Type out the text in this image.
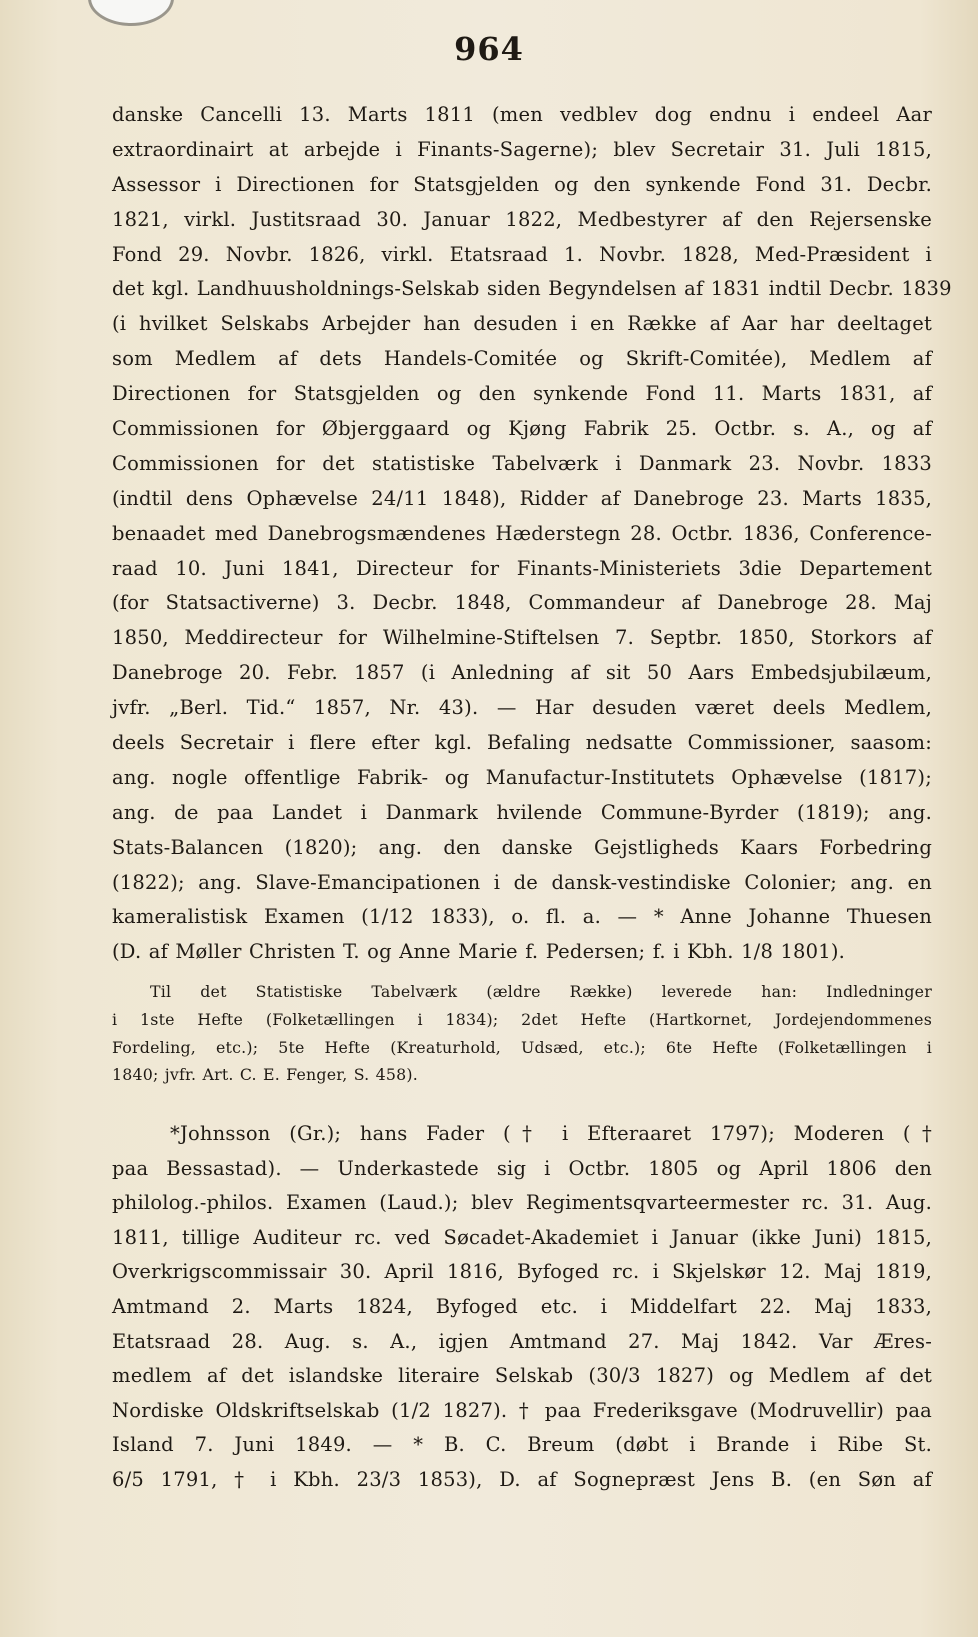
964
danske Cancelli 13. Marts 1811 (men vedblev dog endnu i endeel Aar
extraordinairt at arbejde i Finants-Sagerne); blev Secretair 31. Juli 1815,
Assessor i Directionen for Statsgjelden og den synkende Fond 31. Decbr.
1821, virkl. Justitsraad 30. Januar 1822, Medbestyrer af den Rejersenske
Fond 29. Novbr. 1826, virkl. Etatsraad 1. Novbr. 1828, Med-Præsident i
det kgl. Landhuusholdnings-Selskab siden Begyndelsen af 1831 indtil Decbr. 1839
(i hvilket Selskabs Arbejder han desuden i en Række af Aar har deeltaget
som Medlem af dets Handels-Comitée og Skrift-Comitée), Medlem af
Directionen for Statsgjelden og den synkende Fond 11. Marts 1831, af
Commissionen for Øbjerggaard og Kjøng Fabrik 25. Octbr. s. A., og af
Commissionen for det statistiske Tabelværk i Danmark 23. Novbr. 1833
(indtil dens Ophævelse 24/11 1848), Ridder af Danebroge 23. Marts 1835,
benaadet med Danebrogsmændenes Hæderstegn 28. Octbr. 1836, Conference-
raad 10. Juni 1841, Directeur for Finants-Ministeriets 3die Departement
(for Statsactiverne) 3. Decbr. 1848, Commandeur af Danebroge 28. Maj
1850, Meddirecteur for Wilhelmine-Stiftelsen 7. Septbr. 1850, Storkors af
Danebroge 20. Febr. 1857 (i Anledning af sit 50 Aars Embedsjubilæum,
jvfr. „Berl. Tid.“ 1857, Nr. 43). — Har desuden været deels Medlem,
deels Secretair i flere efter kgl. Befaling nedsatte Commissioner, saasom:
ang. nogle offentlige Fabrik- og Manufactur-Institutets Ophævelse (1817);
ang. de paa Landet i Danmark hvilende Commune-Byrder (1819); ang.
Stats-Balancen (1820); ang. den danske Gejstligheds Kaars Forbedring
(1822); ang. Slave-Emancipationen i de dansk-vestindiske Colonier; ang. en
kameralistisk Examen (1/12 1833), o. fl. a. — * Anne Johanne Thuesen
(D. af Møller Christen T. og Anne Marie f. Pedersen; f. i Kbh. 1/8 1801).
Til det Statistiske Tabelværk (ældre Række) leverede han: Indledninger
i 1ste Hefte (Folketællingen i 1834); 2det Hefte (Hartkornet, Jordejendommenes
Fordeling, etc.); 5te Hefte (Kreaturhold, Udsæd, etc.); 6te Hefte (Folketællingen i
1840; jvfr. Art. C. E. Fenger, S. 458).
*Johnsson (Gr.); hans Fader († i Efteraaret 1797); Moderen (†
paa Bessastad). — Underkastede sig i Octbr. 1805 og April 1806 den
philolog.-philos. Examen (Laud.); blev Regimentsqvarteermester rc. 31. Aug.
1811, tillige Auditeur rc. ved Søcadet-Akademiet i Januar (ikke Juni) 1815,
Overkrigscommissair 30. April 1816, Byfoged rc. i Skjelskør 12. Maj 1819,
Amtmand 2. Marts 1824, Byfoged etc. i Middelfart 22. Maj 1833,
Etatsraad 28. Aug. s. A., igjen Amtmand 27. Maj 1842. Var Æres-
medlem af det islandske literaire Selskab (30/3 1827) og Medlem af det
Nordiske Oldskriftselskab (1/2 1827). † paa Frederiksgave (Modruvellir) paa
Island 7. Juni 1849. — * B. C. Breum (døbt i Brande i Ribe St.
6/5 1791, † i Kbh. 23/3 1853), D. af Sognepræst Jens B. (en Søn af
